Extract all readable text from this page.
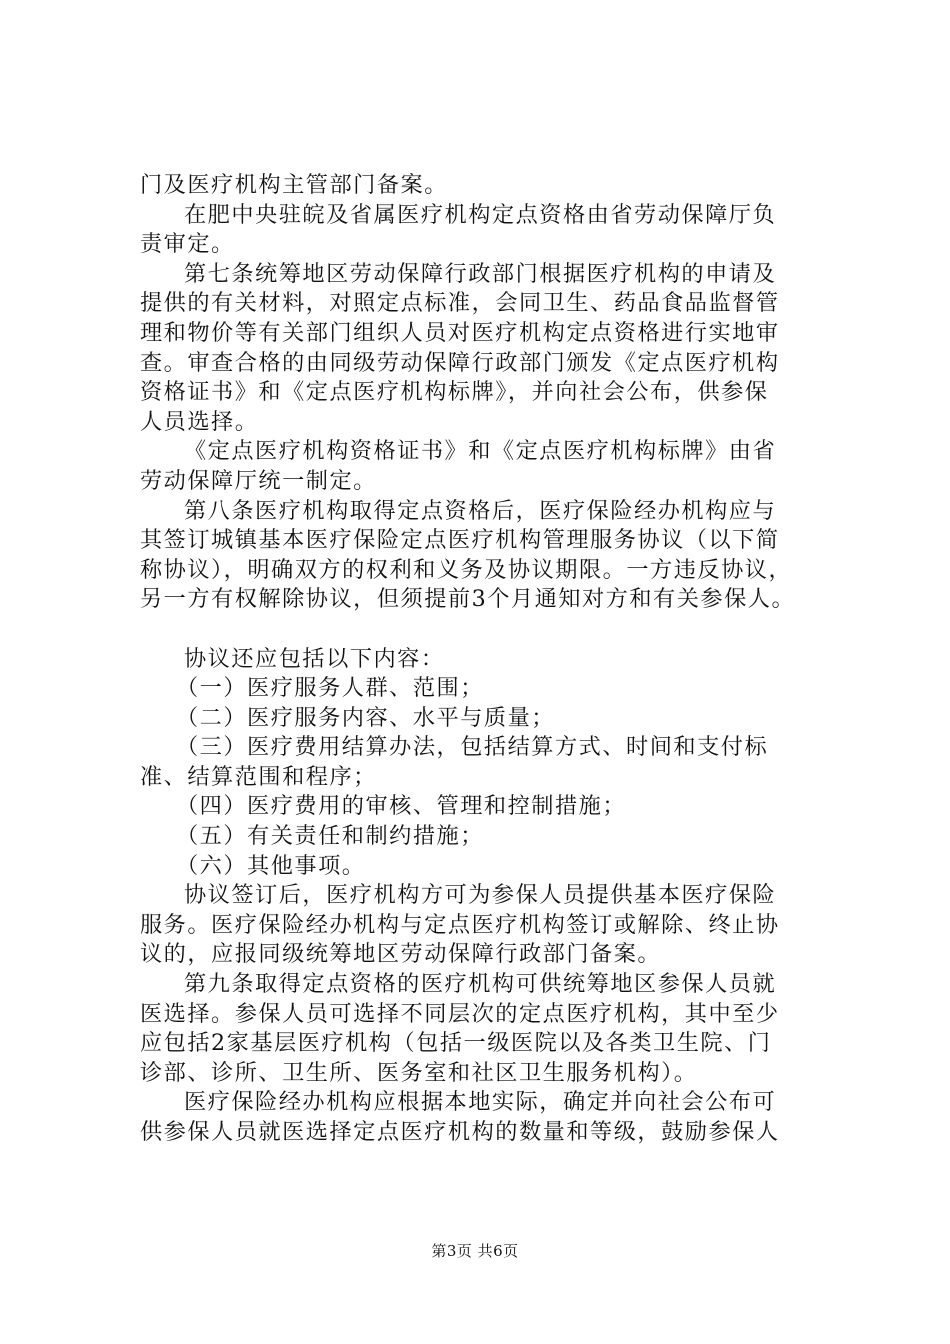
门及医疗机构主管部门备案。
在肥中央驻皖及省属医疗机构定点资格由省劳动保障厅负
责审定。
第七条统筹地区劳动保障行政部门根据医疗机构的申请及
提供的有关材料，对照定点标准，会同卫生、药品食品监督管
理和物价等有关部门组织人员对医疗机构定点资格进行实地审
查。审查合格的由同级劳动保障行政部门颁发《定点医疗机构
资格证书》和《定点医疗机构标牌》，并向社会公布，供参保
人员选择。
《定点医疗机构资格证书》和《定点医疗机构标牌》由省
劳动保障厅统一制定。
第八条医疗机构取得定点资格后，医疗保险经办机构应与
其签订城镇基本医疗保险定点医疗机构管理服务协议（以下简
称协议），明确双方的权利和义务及协议期限。一方违反协议，
另一方有权解除协议，但须提前3个月通知对方和有关参保人。
协议还应包括以下内容：
（一）医疗服务人群、范围；
（二）医疗服务内容、水平与质量；
（三）医疗费用结算办法，包括结算方式、时间和支付标
准、结算范围和程序；
（四）医疗费用的审核、管理和控制措施；
（五）有关责任和制约措施；
（六）其他事项。
协议签订后，医疗机构方可为参保人员提供基本医疗保险
服务。医疗保险经办机构与定点医疗机构签订或解除、终止协
议的，应报同级统筹地区劳动保障行政部门备案。
第九条取得定点资格的医疗机构可供统筹地区参保人员就
医选择。参保人员可选择不同层次的定点医疗机构，其中至少
应包括2家基层医疗机构（包括一级医院以及各类卫生院、门
诊部、诊所、卫生所、医务室和社区卫生服务机构）。
医疗保险经办机构应根据本地实际，确定并向社会公布可
供参保人员就医选择定点医疗机构的数量和等级，鼓励参保人
第3页 共6页
